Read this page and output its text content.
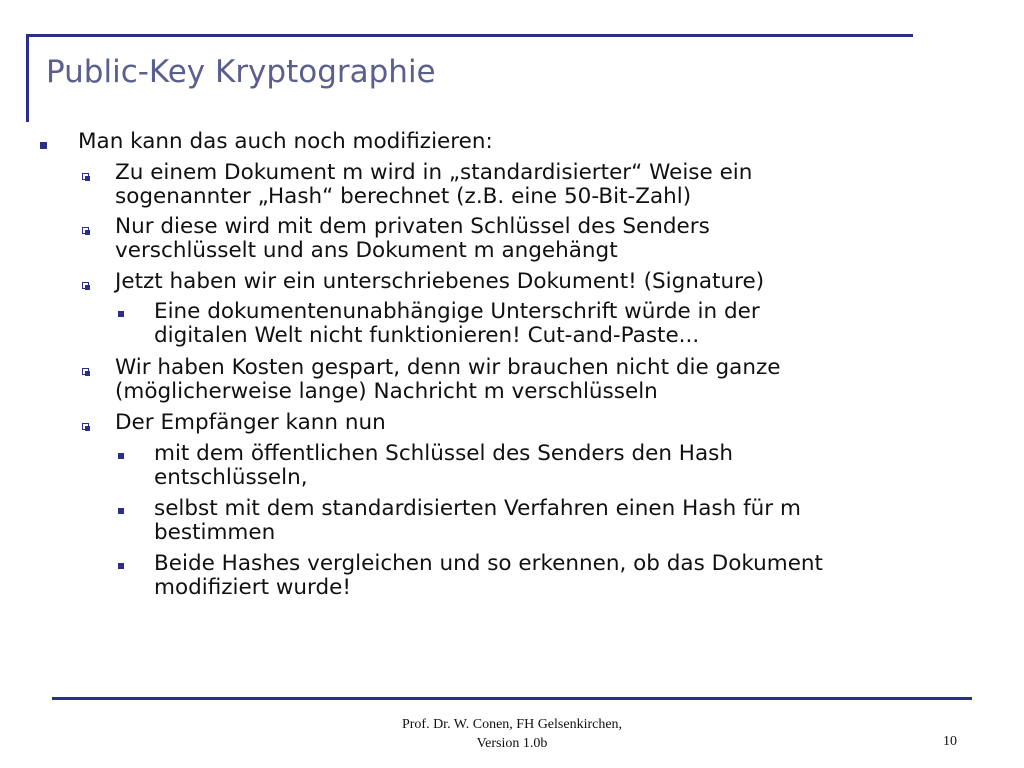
Public-Key Kryptographie

Man kann das auch noch modifizieren:

Zu einem Dokument m wird in „standardisierter“ Weise ein
sogenannter „Hash“ berechnet (z.B. eine 50-Bit-Zahl)

Nur diese wird mit dem privaten Schlüssel des Senders
verschlüsselt und ans Dokument m angehängt

Jetzt haben wir ein unterschriebenes Dokument! (Signature)

Eine dokumentenunabhängige Unterschrift würde in der
digitalen Welt nicht funktionieren! Cut-and-Paste...

Wir haben Kosten gespart, denn wir brauchen nicht die ganze
(möglicherweise lange) Nachricht m verschlüsseln

Der Empfänger kann nun

mit dem öffentlichen Schlüssel des Senders den Hash
entschlüsseln,

selbst mit dem standardisierten Verfahren einen Hash für m
bestimmen

Beide Hashes vergleichen und so erkennen, ob das Dokument
modifiziert wurde!

Prof. Dr. W. Conen, FH Gelsenkirchen,
Version 1.0b	10
